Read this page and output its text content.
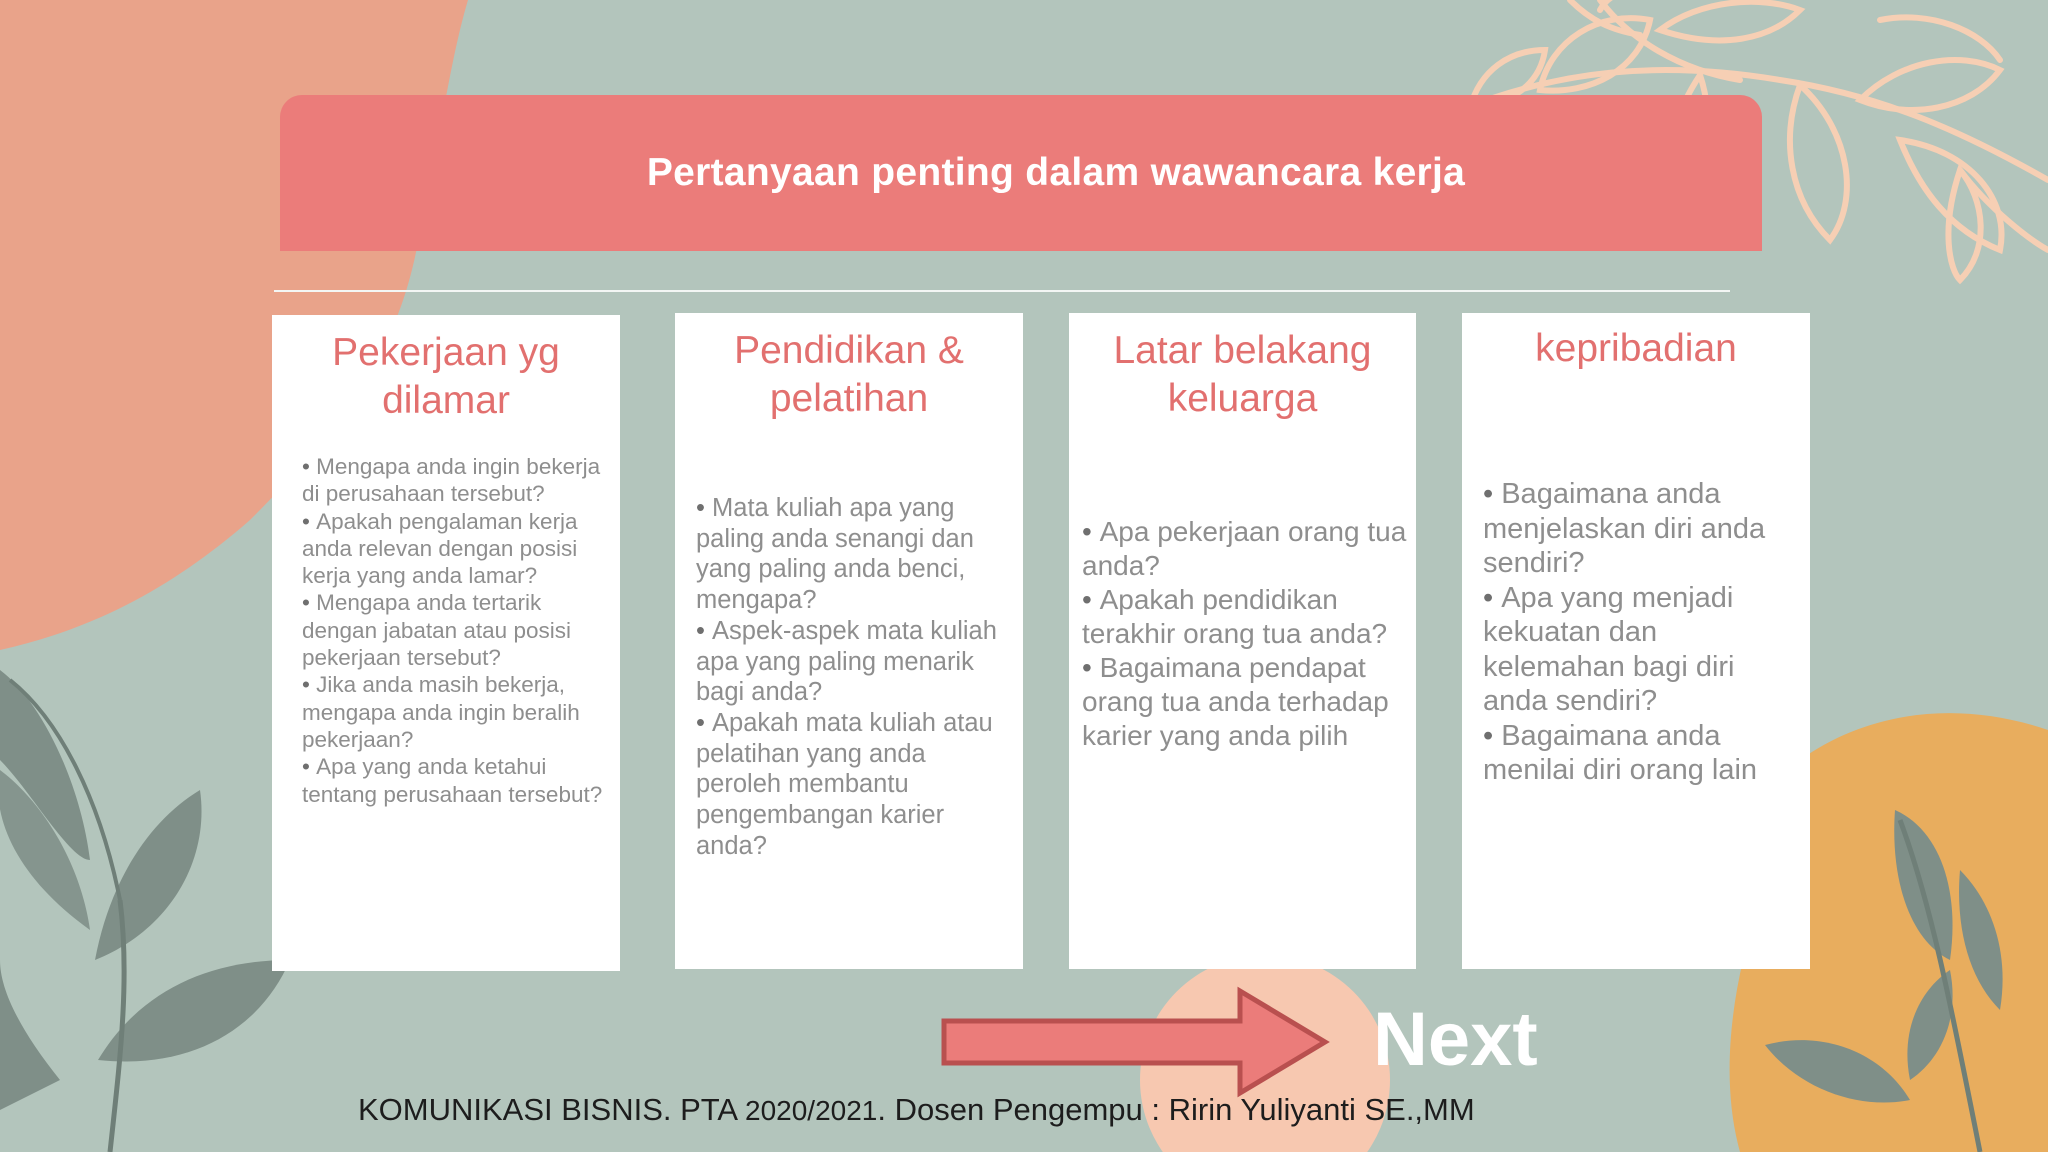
Pertanyaan penting dalam wawancara kerja
Pekerjaan yg dilamar
• Mengapa anda ingin bekerja di perusahaan tersebut?
• Apakah pengalaman kerja anda relevan dengan posisi kerja yang anda lamar?
• Mengapa anda tertarik dengan jabatan atau posisi pekerjaan tersebut?
• Jika anda masih bekerja, mengapa anda ingin beralih pekerjaan?
• Apa yang anda ketahui tentang perusahaan tersebut?
Pendidikan & pelatihan
• Mata kuliah apa yang paling anda senangi dan yang paling anda benci, mengapa?
• Aspek-aspek mata kuliah apa yang paling menarik bagi anda?
• Apakah mata kuliah atau pelatihan yang anda peroleh membantu pengembangan karier anda?
Latar belakang keluarga
• Apa pekerjaan orang tua anda?
• Apakah pendidikan terakhir orang tua anda?
• Bagaimana pendapat orang tua anda terhadap karier yang anda pilih
kepribadian
• Bagaimana anda menjelaskan diri anda sendiri?
• Apa yang menjadi kekuatan dan kelemahan bagi diri anda sendiri?
• Bagaimana anda menilai diri orang lain
Next
KOMUNIKASI BISNIS. PTA 2020/2021. Dosen Pengempu : Ririn Yuliyanti SE.,MM
